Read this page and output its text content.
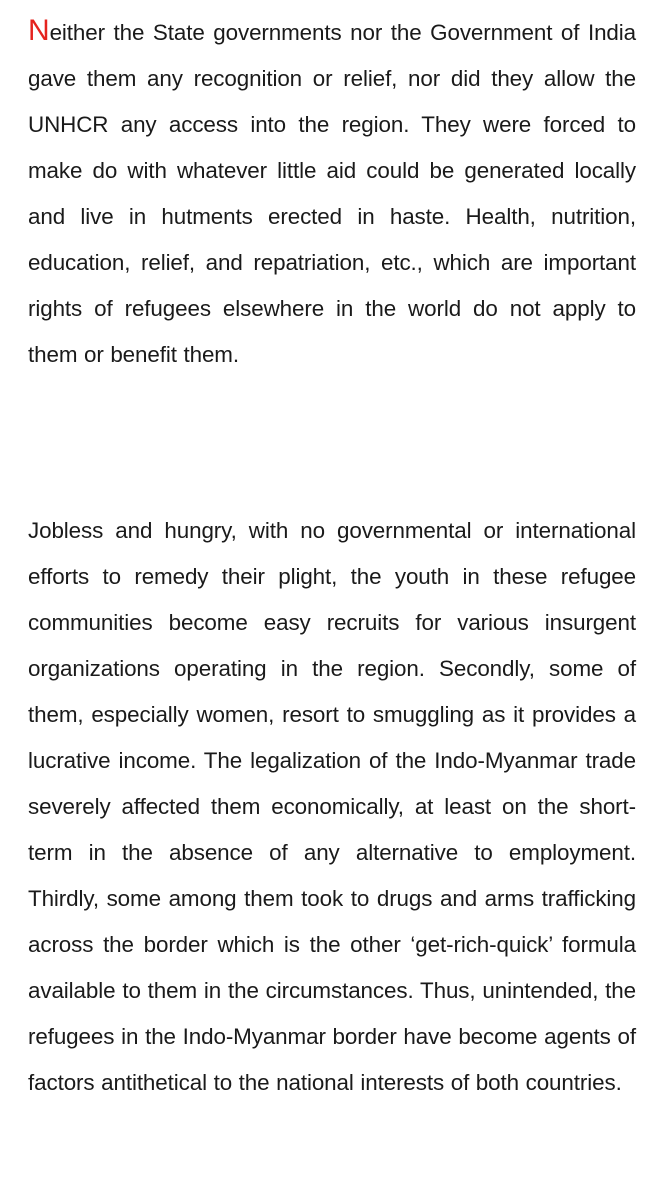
Neither the State governments nor the Government of India gave them any recognition or relief, nor did they allow the UNHCR any access into the region. They were forced to make do with whatever little aid could be generated locally and live in hutments erected in haste. Health, nutrition, education, relief, and repatriation, etc., which are important rights of refugees elsewhere in the world do not apply to them or benefit them.

Jobless and hungry, with no governmental or international efforts to remedy their plight, the youth in these refugee communities become easy recruits for various insurgent organizations operating in the region. Secondly, some of them, especially women, resort to smuggling as it provides a lucrative income. The legalization of the Indo-Myanmar trade severely affected them economically, at least on the short-term in the absence of any alternative to employment. Thirdly, some among them took to drugs and arms trafficking across the border which is the other ‘get-rich-quick’ formula available to them in the circumstances. Thus, unintended, the refugees in the Indo-Myanmar border have become agents of factors antithetical to the national interests of both countries.
